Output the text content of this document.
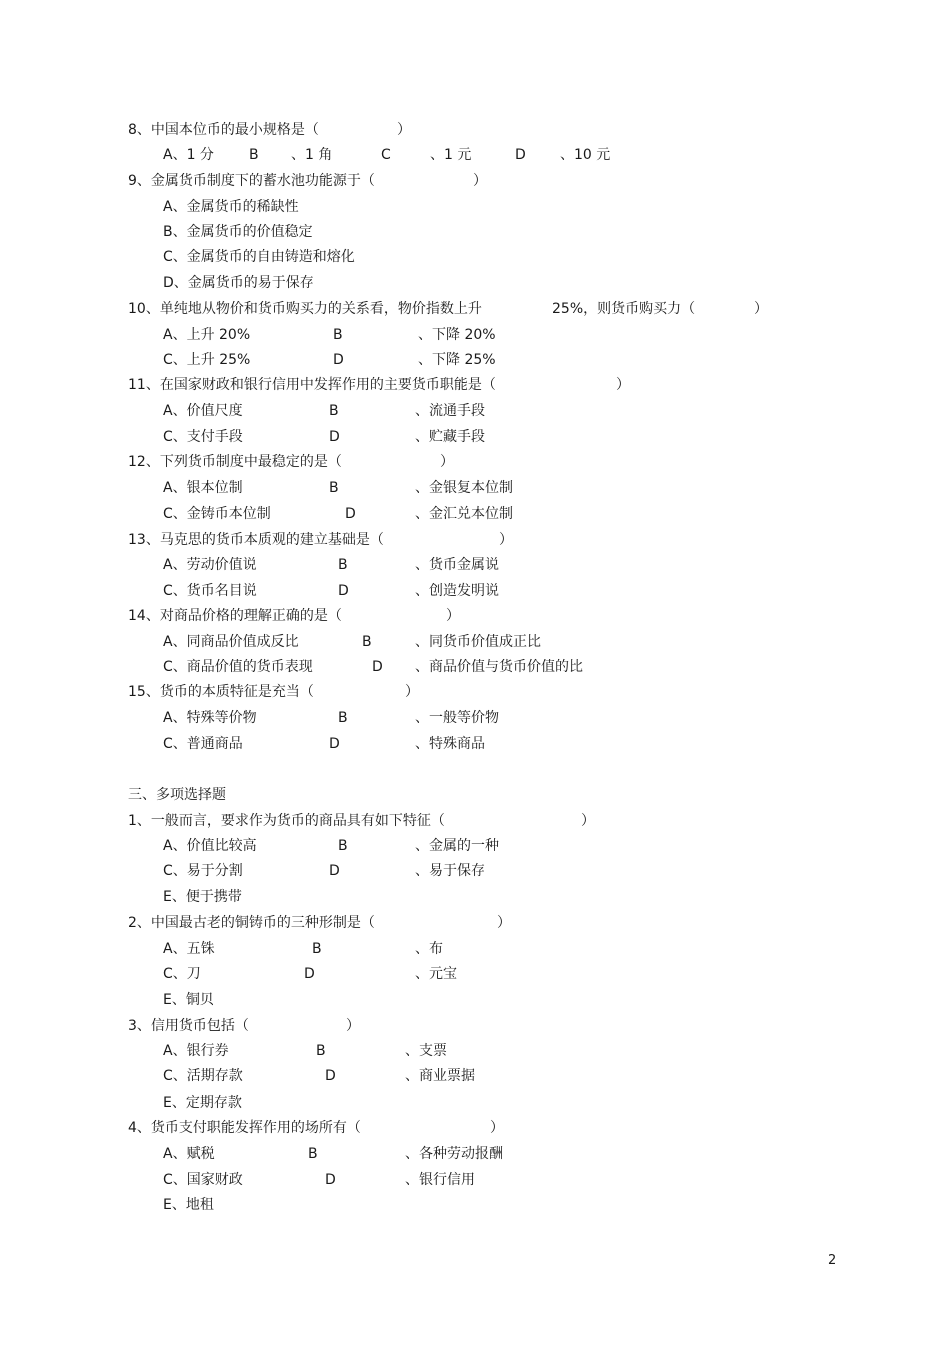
8、中国本位币的最小规格是（	）
A、1 分	B 、1 角	C	、1 元	D 、10 元
9、金属货币制度下的蓄水池功能源于（	）
A、金属货币的稀缺性
B、金属货币的价值稳定
C、金属货币的自由铸造和熔化
D、金属货币的易于保存
10、单纯地从物价和货币购买力的关系看，物价指数上升	25%，则货币购买力（	）
A、上升 20%	B	、下降 20%
C、上升 25%	D	、下降 25%
11、在国家财政和银行信用中发挥作用的主要货币职能是（	）
A、价值尺度	B	、流通手段
C、支付手段	D	、贮藏手段
12、下列货币制度中最稳定的是（	）
A、银本位制	B	、金银复本位制
C、金铸币本位制	D	、金汇兑本位制
13、马克思的货币本质观的建立基础是（	）
A、劳动价值说	B	、货币金属说
C、货币名目说	D	、创造发明说
14、对商品价格的理解正确的是（	）
A、同商品价值成反比	B	、同货币价值成正比
C、商品价值的货币表现	D 、商品价值与货币价值的比
15、货币的本质特征是充当（	）
A、特殊等价物	B	、一般等价物
C、普通商品	D	、特殊商品
三、多项选择题
1、一般而言，要求作为货币的商品具有如下特征（	）
A、价值比较高	B	、金属的一种
C、易于分割	D	、易于保存
E、便于携带
2、中国最古老的铜铸币的三种形制是（	）
A、五铢	B	、布
C、刀	D	、元宝
E、铜贝
3、信用货币包括（	）
A、银行券	B	、支票
C、活期存款	D	、商业票据
E、定期存款
4、货币支付职能发挥作用的场所有（	）
A、赋税	B	、各种劳动报酬
C、国家财政	D	、银行信用
E、地租
2
